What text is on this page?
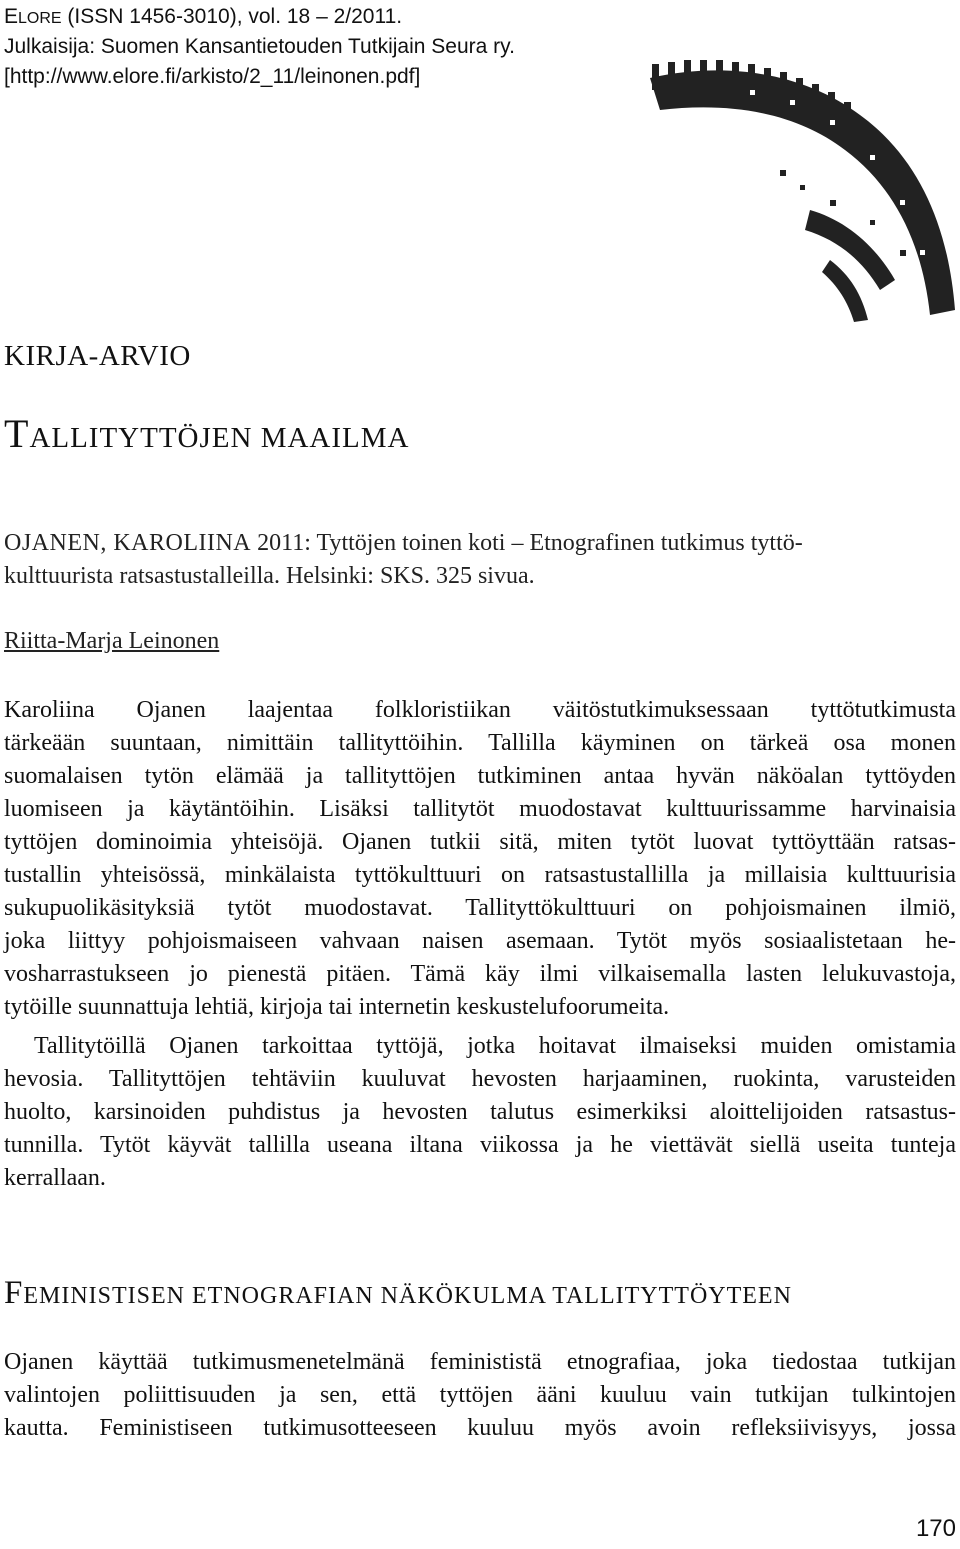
ELORE (ISSN 1456-3010), vol. 18 – 2/2011.
Julkaisija: Suomen Kansantietouden Tutkijain Seura ry.
[http://www.elore.fi/arkisto/2_11/leinonen.pdf]
KIRJA-ARVIO
TALLITYTTÖJEN MAAILMA
OJANEN, KAROLIINA 2011: Tyttöjen toinen koti – Etnografinen tutkimus tyttö-
kulttuurista ratsastustalleilla. Helsinki: SKS. 325 sivua.
Riitta-Marja Leinonen
Karoliina Ojanen laajentaa folkloristiikan väitöstutkimuksessaan tyttötutkimusta
tärkeään suuntaan, nimittäin tallityttöihin. Tallilla käyminen on tärkeä osa monen
suomalaisen tytön elämää ja tallityttöjen tutkiminen antaa hyvän näköalan tyttöyden
luomiseen ja käytäntöihin. Lisäksi tallitytöt muodostavat kulttuurissamme harvinaisia
tyttöjen dominoimia yhteisöjä. Ojanen tutkii sitä, miten tytöt luovat tyttöyttään ratsas-
tustallin yhteisössä, minkälaista tyttökulttuuri on ratsastustallilla ja millaisia kulttuurisia
sukupuolikäsityksiä tytöt muodostavat. Tallityttökulttuuri on pohjoismainen ilmiö,
joka liittyy pohjoismaiseen vahvaan naisen asemaan. Tytöt myös sosiaalistetaan he-
vosharrastukseen jo pienestä pitäen. Tämä käy ilmi vilkaisemalla lasten lelukuvastoja,
tytöille suunnattuja lehtiä, kirjoja tai internetin keskustelufoorumeita.
Tallitytöillä Ojanen tarkoittaa tyttöjä, jotka hoitavat ilmaiseksi muiden omistamia
hevosia. Tallityttöjen tehtäviin kuuluvat hevosten harjaaminen, ruokinta, varusteiden
huolto, karsinoiden puhdistus ja hevosten talutus esimerkiksi aloittelijoiden ratsastus-
tunnilla. Tytöt käyvät tallilla useana iltana viikossa ja he viettävät siellä useita tunteja
kerrallaan.
FEMINISTISEN ETNOGRAFIAN NÄKÖKULMA TALLITYTTÖYTEEN
Ojanen käyttää tutkimusmenetelmänä feminististä etnografiaa, joka tiedostaa tutkijan
valintojen poliittisuuden ja sen, että tyttöjen ääni kuuluu vain tutkijan tulkintojen
kautta. Feministiseen tutkimusotteeseen kuuluu myös avoin refleksiivisyys, jossa
170
